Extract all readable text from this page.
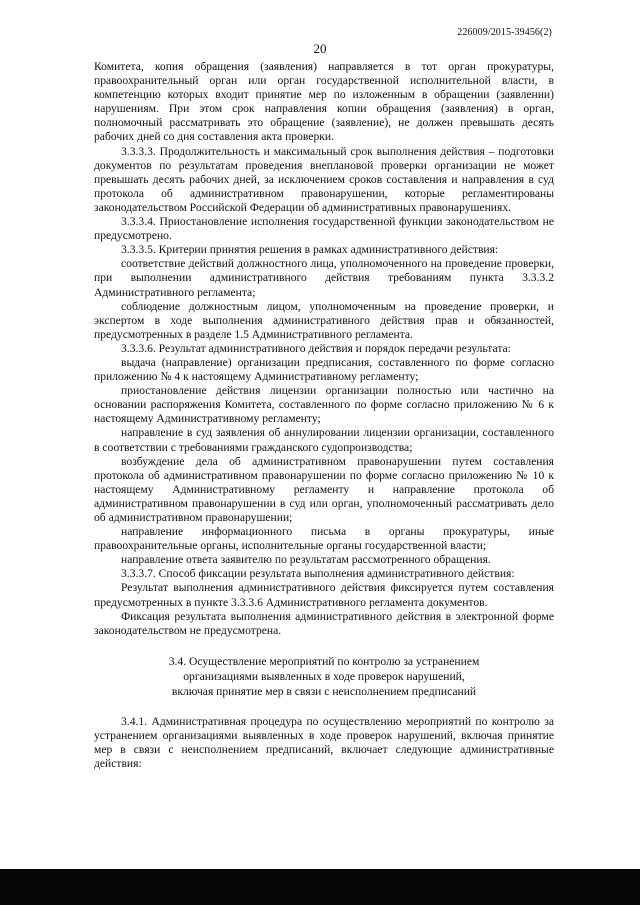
226009/2015-39456(2)
20

Комитета, копия обращения (заявления) направляется в тот орган прокуратуры, правоохранительный орган или орган государственной исполнительной власти, в компетенцию которых входит принятие мер по изложенным в обращении (заявлении) нарушениям. При этом срок направления копии обращения (заявления) в орган, полномочный рассматривать это обращение (заявление), не должен превышать десять рабочих дней со дня составления акта проверки.

3.3.3.3. Продолжительность и максимальный срок выполнения действия – подготовки документов по результатам проведения внеплановой проверки организации не может превышать десять рабочих дней, за исключением сроков составления и направления в суд протокола об административном правонарушении, которые регламентированы законодательством Российской Федерации об административных правонарушениях.

3.3.3.4. Приостановление исполнения государственной функции законодательством не предусмотрено.

3.3.3.5. Критерии принятия решения в рамках административного действия:

соответствие действий должностного лица, уполномоченного на проведение проверки, при выполнении административного действия требованиям пункта 3.3.3.2 Административного регламента;

соблюдение должностным лицом, уполномоченным на проведение проверки, и экспертом в ходе выполнения административного действия прав и обязанностей, предусмотренных в разделе 1.5 Административного регламента.

3.3.3.6. Результат административного действия и порядок передачи результата:

выдача (направление) организации предписания, составленного по форме согласно приложению № 4 к настоящему Административному регламенту;

приостановление действия лицензии организации полностью или частично на основании распоряжения Комитета, составленного по форме согласно приложению № 6 к настоящему Административному регламенту;

направление в суд заявления об аннулировании лицензии организации, составленного в соответствии с требованиями гражданского судопроизводства;

возбуждение дела об административном правонарушении путем составления протокола об административном правонарушении по форме согласно приложению № 10 к настоящему Административному регламенту и направление протокола об административном правонарушении в суд или орган, уполномоченный рассматривать дело об административном правонарушении;

направление информационного письма в органы прокуратуры, иные правоохранительные органы, исполнительные органы государственной власти;

направление ответа заявителю по результатам рассмотренного обращения.

3.3.3.7. Способ фиксации результата выполнения административного действия:

Результат выполнения административного действия фиксируется путем составления предусмотренных в пункте 3.3.3.6 Административного регламента документов.

Фиксация результата выполнения административного действия в электронной форме законодательством не предусмотрена.

3.4. Осуществление мероприятий по контролю за устранением
организациями выявленных в ходе проверок нарушений,
включая принятие мер в связи с неисполнением предписаний

3.4.1. Административная процедура по осуществлению мероприятий по контролю за устранением организациями выявленных в ходе проверок нарушений, включая принятие мер в связи с неисполнением предписаний, включает следующие административные действия:
